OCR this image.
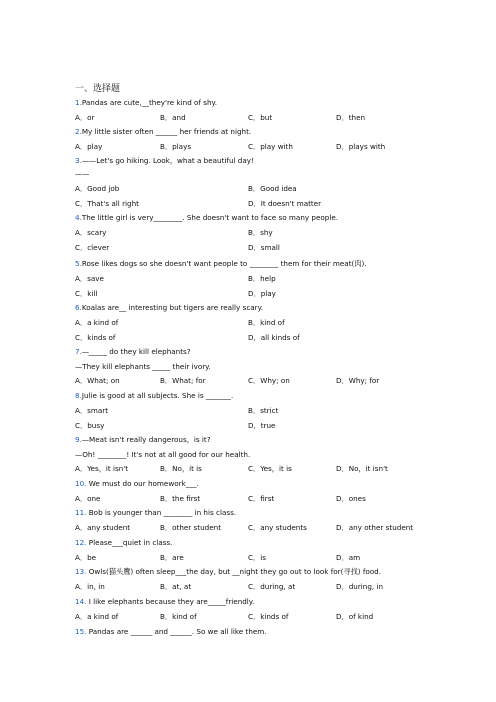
一、选择题
1.Pandas are cute,__they're kind of shy.
A．or	B．and	C．but	D．then
2.My little sister often ______ her friends at night.
A．play	B．plays	C．play with	D．plays with
3.——Let's go hiking. Look，what a beautiful day!
——
A．Good job	B．Good idea
C．That's all right	D．It doesn't matter
4.The little girl is very________. She doesn't want to face so many people.
A．scary	B．shy
C．clever	D．small
5.Rose likes dogs so she doesn't want people to ________ them for their meat(肉).
A．save	B．help
C．kill	D．play
6.Koalas are__ interesting but tigers are really scary.
A．a kind of	B．kind of
C．kinds of	D．all kinds of
7.—_____ do they kill elephants?
—They kill elephants _____ their ivory.
A．What; on	B．What; for	C．Why; on	D．Why; for
8.Julie is good at all subjects. She is _______.
A．smart	B．strict
C．busy	D．true
9.—Meat isn't really dangerous，is it?
—Oh! ________! It's not at all good for our health.
A．Yes，it isn't	B．No，it is	C．Yes，it is	D．No，it isn't
10. We must do our homework___.
A．one	B．the first	C．first	D．ones
11. Bob is younger than ________ in his class.
A．any student	B．other student	C．any students	D．any other student
12. Please___quiet in class.
A．be	B．are	C．is	D．am
13. Owls(猫头鹰) often sleep___the day, but __night they go out to look for(寻找) food.
A．in, in	B．at, at	C．during, at	D．during, in
14. I like elephants because they are_____friendly.
A．a kind of	B．kind of	C．kinds of	D．of kind
15. Pandas are ______ and ______. So we all like them.
